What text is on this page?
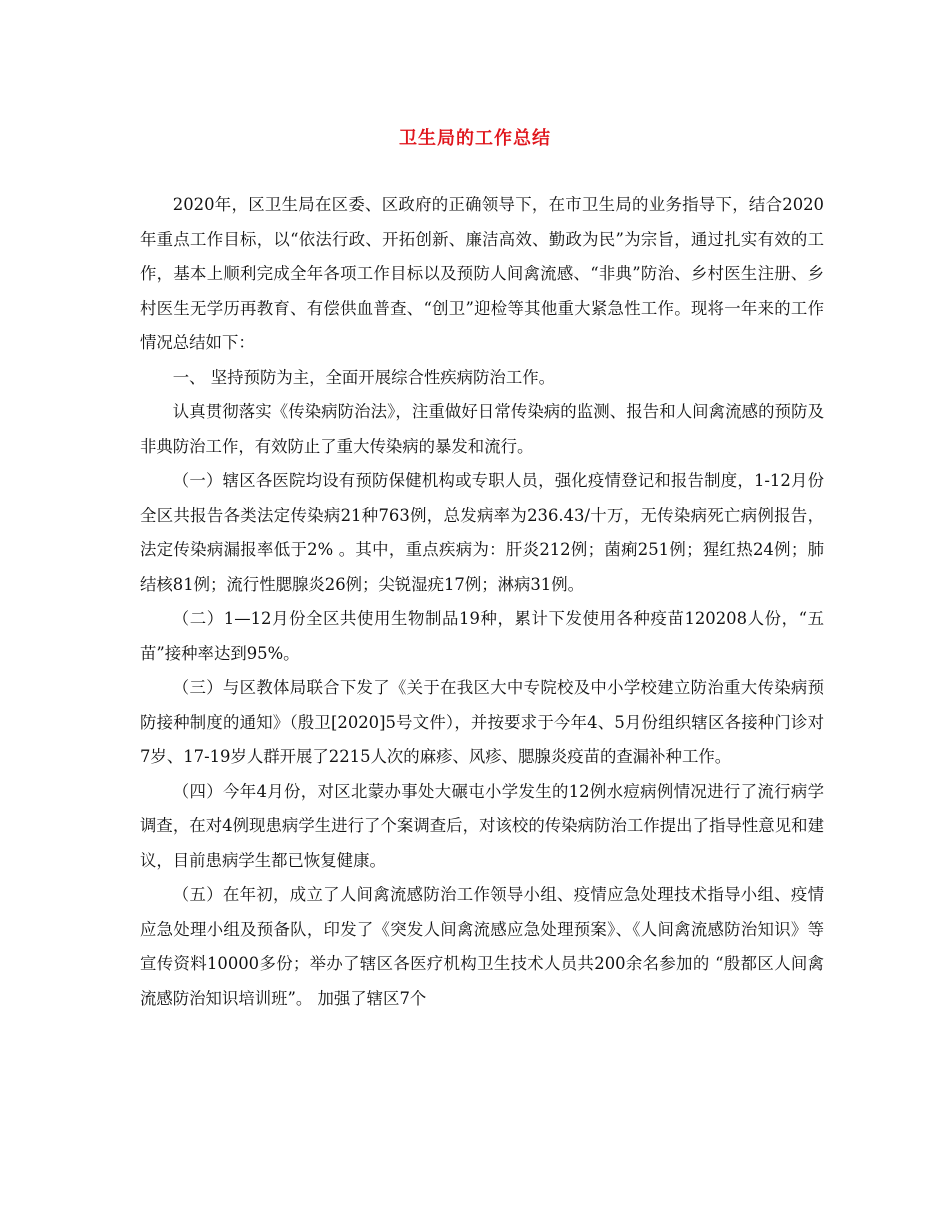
卫生局的工作总结

2020年，区卫生局在区委、区政府的正确领导下，在市卫生局的业务指导下，结合2020年重点工作目标，以“依法行政、开拓创新、廉洁高效、勤政为民”为宗旨，通过扎实有效的工作，基本上顺利完成全年各项工作目标以及预防人间禽流感、“非典”防治、乡村医生注册、乡村医生无学历再教育、有偿供血普查、“创卫”迎检等其他重大紧急性工作。现将一年来的工作情况总结如下：

一、 坚持预防为主，全面开展综合性疾病防治工作。

认真贯彻落实《传染病防治法》，注重做好日常传染病的监测、报告和人间禽流感的预防及非典防治工作，有效防止了重大传染病的暴发和流行。

（一）辖区各医院均设有预防保健机构或专职人员，强化疫情登记和报告制度，1-12月份全区共报告各类法定传染病21种763例，总发病率为236.43/十万，无传染病死亡病例报告，法定传染病漏报率低于2% 。其中，重点疾病为：肝炎212例；菌痢251例；猩红热24例；肺结核81例；流行性腮腺炎26例；尖锐湿疣17例；淋病31例。

（二）1—12月份全区共使用生物制品19种，累计下发使用各种疫苗120208人份，“五苗”接种率达到95%。

（三）与区教体局联合下发了《关于在我区大中专院校及中小学校建立防治重大传染病预防接种制度的通知》（殷卫[2020]5号文件），并按要求于今年4、5月份组织辖区各接种门诊对7岁、17-19岁人群开展了2215人次的麻疹、风疹、腮腺炎疫苗的查漏补种工作。

（四）今年4月份，对区北蒙办事处大碾屯小学发生的12例水痘病例情况进行了流行病学调查，在对4例现患病学生进行了个案调查后，对该校的传染病防治工作提出了指导性意见和建议，目前患病学生都已恢复健康。

（五）在年初，成立了人间禽流感防治工作领导小组、疫情应急处理技术指导小组、疫情应急处理小组及预备队，印发了《突发人间禽流感应急处理预案》、《人间禽流感防治知识》等宣传资料10000多份；举办了辖区各医疗机构卫生技术人员共200余名参加的 “殷都区人间禽流感防治知识培训班”。 加强了辖区7个
